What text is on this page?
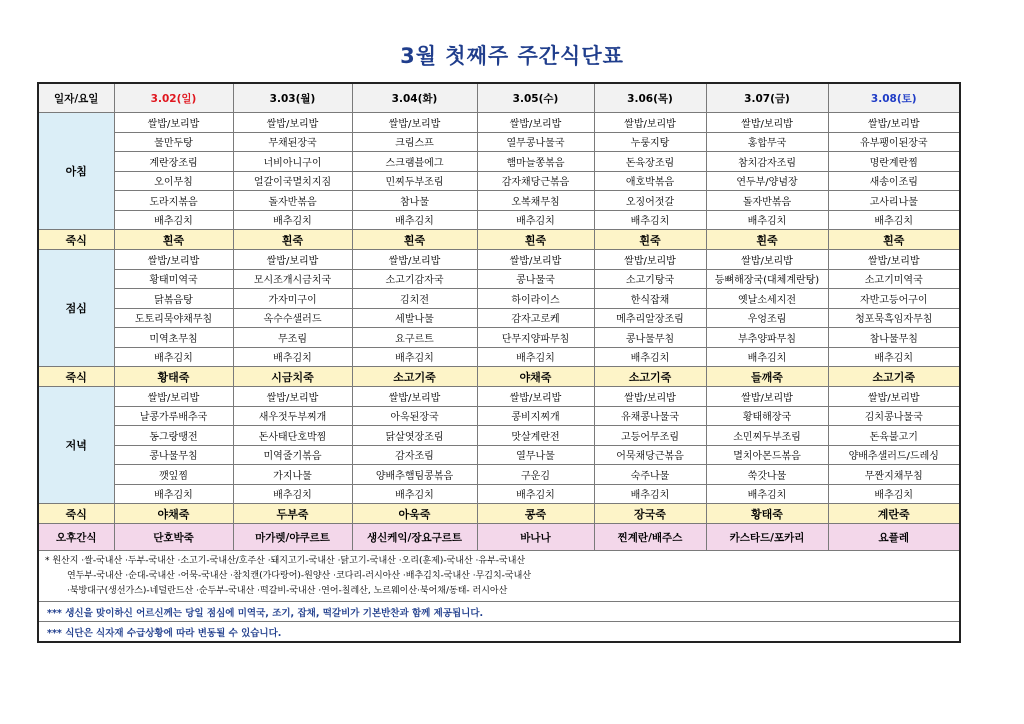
3월 첫째주 주간식단표
일자/요일	3.02(일)	3.03(월)	3.04(화)	3.05(수)	3.06(목)	3.07(금)	3.08(토)
아침	쌀밥/보리밥	쌀밥/보리밥	쌀밥/보리밥	쌀밥/보리밥	쌀밥/보리밥	쌀밥/보리밥	쌀밥/보리밥
	물만두탕	무채된장국	크림스프	열무콩나물국	누룽지탕	홍합무국	유부팽이된장국
	계란장조림	너비아니구이	스크램블에그	햄마늘쫑볶음	돈육장조림	참치감자조림	명란계란찜
	오이무침	얼갈이국멸치지짐	민찌두부조림	감자채당근볶음	애호박볶음	연두부/양념장	새송이조림
	도라지볶음	돌자반볶음	참나물	오복채무침	오징어젓갈	돌자반볶음	고사리나물
	배추김치	배추김치	배추김치	배추김치	배추김치	배추김치	배추김치
죽식	흰죽	흰죽	흰죽	흰죽	흰죽	흰죽	흰죽
점심	쌀밥/보리밥	쌀밥/보리밥	쌀밥/보리밥	쌀밥/보리밥	쌀밥/보리밥	쌀밥/보리밥	쌀밥/보리밥
	황태미역국	모시조개시금치국	소고기감자국	콩나물국	소고기탕국	등뼈해장국(대체계란탕)	소고기미역국
	닭볶음탕	가자미구이	김치전	하이라이스	한식잡채	옛날소세지전	자반고등어구이
	도토리묵야채무침	옥수수샐러드	세발나물	감자고로케	메추리알장조림	우엉조림	청포묵흑임자무침
	미역초무침	무조림	요구르트	단무지양파무침	콩나물무침	부추양파무침	참나물무침
	배추김치	배추김치	배추김치	배추김치	배추김치	배추김치	배추김치
죽식	황태죽	시금치죽	소고기죽	야채죽	소고기죽	들깨죽	소고기죽
저녁	쌀밥/보리밥	쌀밥/보리밥	쌀밥/보리밥	쌀밥/보리밥	쌀밥/보리밥	쌀밥/보리밥	쌀밥/보리밥
	날콩가루배추국	새우젓두부찌개	아욱된장국	콩비지찌개	유채콩나물국	황태해장국	김치콩나물국
	동그랑땡전	돈사태단호박찜	닭살엿장조림	맛살계란전	고등어무조림	소민찌두부조림	돈육불고기
	콩나물무침	미역줄기볶음	감자조림	열무나물	어묵채당근볶음	멸치아몬드볶음	양배추샐러드/드레싱
	깻잎찜	가지나물	양배추햄팀콩볶음	구운김	숙주나물	쑥갓나물	무짠지채무침
	배추김치	배추김치	배추김치	배추김치	배추김치	배추김치	배추김치
죽식	야채죽	두부죽	아욱죽	콩죽	장국죽	황태죽	계란죽
오후간식	단호박죽	마가렛/야쿠르트	생신케익/장요구르트	바나나	찐계란/배주스	카스타드/포카리	요플레

* 원산지 ·쌀-국내산 ·두부-국내산 ·소고기-국내산/호주산 ·돼지고기-국내산 ·닭고기-국내산 ·오리(훈제)-국내산 ·유부-국내산
연두부-국내산 ·순대-국내산 ·어묵-국내산 ·참치캔(가다랑어)-원양산 ·코다리-러시아산 ·배추김치-국내산 ·무김치-국내산
·북방대구(생선가스)-네덜란드산 ·순두부-국내산 ·떡갈비-국내산 ·연어-칠레산, 노르웨이산·북어채/동태- 러시아산							

*** 생신을 맞이하신 어르신께는 당일 점심에 미역국, 조기, 잡채, 떡갈비가 기본반찬과 함께 제공됩니다.							
*** 식단은 식자재 수급상황에 따라 변동될 수 있습니다.							
